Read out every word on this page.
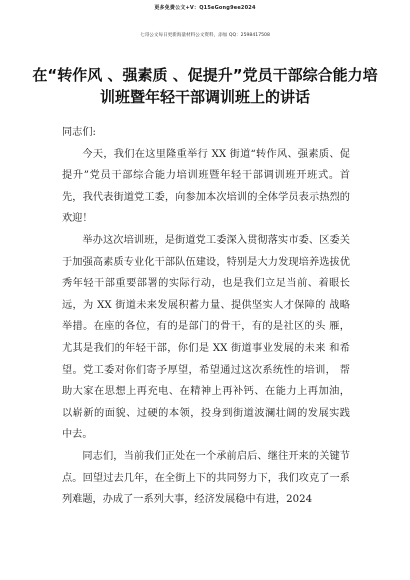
更多免费公文+V：Q15eGong9ee2024
七哥公文每日更新海量材料公文资料，添加 QQ：2598417508
在“转作风 、强素质 、促提升”党员干部综合能力培训班暨年轻干部调训班上的讲话

同志们:

今天，我们在这里隆重举行 XX 街道“转作风、强素质、促提升”党员干部综合能力培训班暨年轻干部调训班开班式。首先，我代表街道党工委，向参加本次培训的全体学员表示热烈的欢迎！

举办这次培训班，是街道党工委深入贯彻落实市委、区委关于加强高素质专业化干部队伍建设，特别是大力发现培养选拔优秀年轻干部重要部署的实际行动，也是我们立足当前、着眼长远，为 XX 街道未来发展积蓄力量、提供坚实人才保障的 战略举措。在座的各位，有的是部门的骨干，有的是社区的头 雁，尤其是我们的年轻干部，你们是 XX 街道事业发展的未来 和希望。党工委对你们寄予厚望，希望通过这次系统性的培训， 帮助大家在思想上再充电、在精神上再补钙、在能力上再加油， 以崭新的面貌、过硬的本领，投身到街道波澜壮阔的发展实践 中去。

同志们，当前我们正处在一个承前启后、继往开来的关键节点。回望过去几年，在全街上下的共同努力下，我们攻克了一系列难题，办成了一系列大事，经济发展稳中有进，2024
